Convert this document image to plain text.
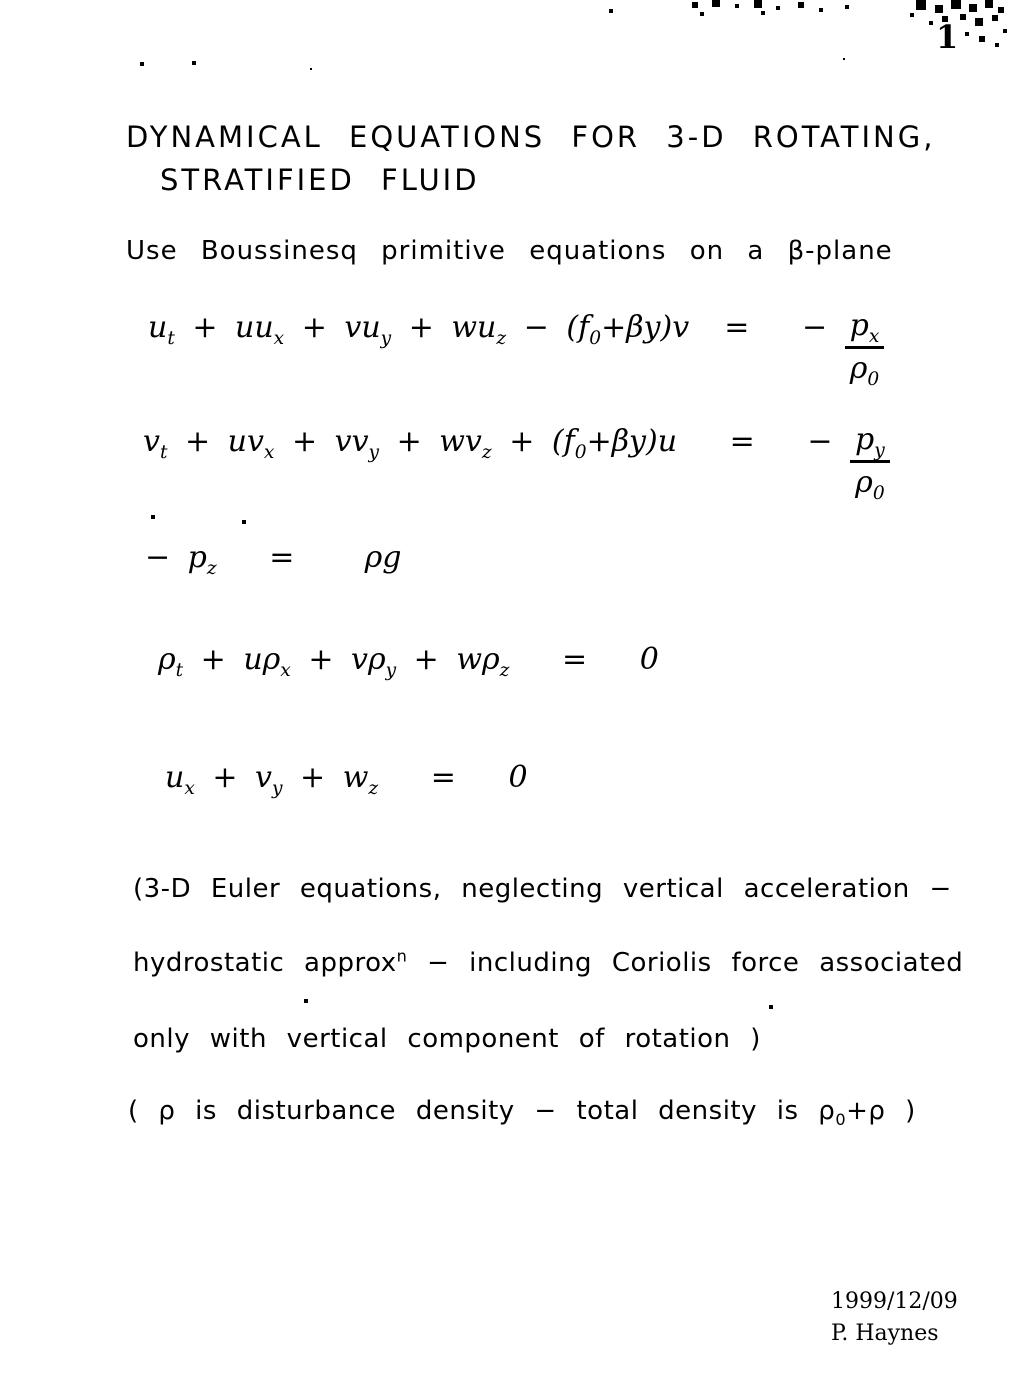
1
DYNAMICAL EQUATIONS FOR 3-D ROTATING,
STRATIFIED FLUID

Use Boussinesq primitive equations on a β-plane

$u_t + uu_x + vu_y + wu_z - (f_0+\beta y)v$  =   − $\frac{p_x}{\rho_0}$
$v_t + uv_x + vv_y + wv_z + (f_0+\beta y)u$   =   − $\frac{p_y}{\rho_0}$
− $p_z$   =    ρg
$\rho_t + u\rho_x + v\rho_y + w\rho_z = 0$
$u_x + v_y + w_z = 0$

(3-D Euler equations, neglecting vertical acceleration −

hydrostatic approx$^n$ − including Coriolis force associated

only with vertical component of rotation )

( ρ is disturbance density − total density is $\rho_0+\rho$ )

1999/12/09
P. Haynes
